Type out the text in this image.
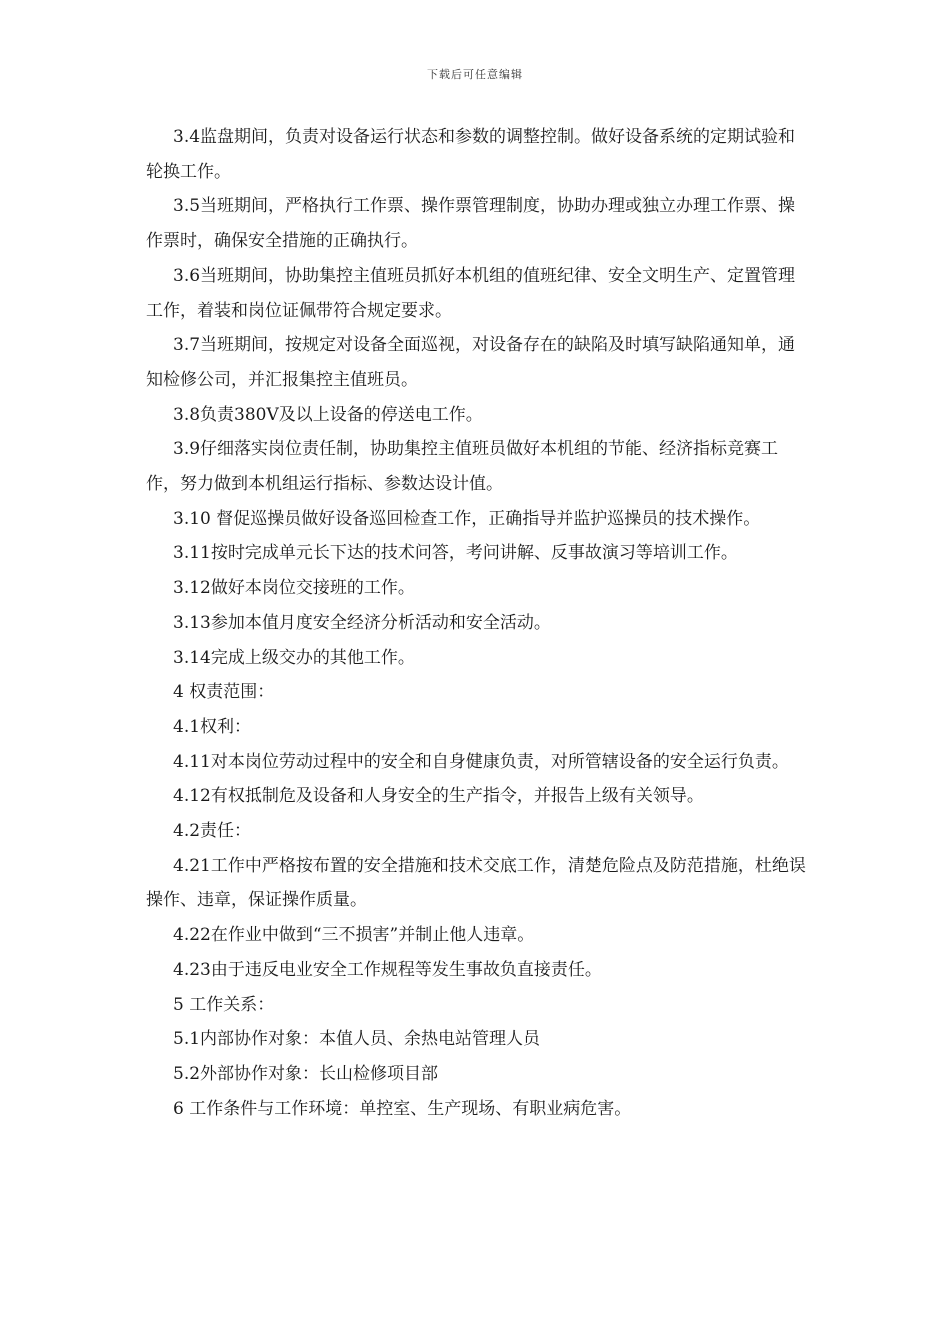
下载后可任意编辑

3.4监盘期间，负责对设备运行状态和参数的调整控制。做好设备系统的定期试验和轮换工作。

3.5当班期间，严格执行工作票、操作票管理制度，协助办理或独立办理工作票、操作票时，确保安全措施的正确执行。

3.6当班期间，协助集控主值班员抓好本机组的值班纪律、安全文明生产、定置管理工作，着装和岗位证佩带符合规定要求。

3.7当班期间，按规定对设备全面巡视，对设备存在的缺陷及时填写缺陷通知单，通知检修公司，并汇报集控主值班员。

3.8负责380V及以上设备的停送电工作。

3.9仔细落实岗位责任制，协助集控主值班员做好本机组的节能、经济指标竞赛工作，努力做到本机组运行指标、参数达设计值。

3.10 督促巡操员做好设备巡回检查工作，正确指导并监护巡操员的技术操作。

3.11按时完成单元长下达的技术问答，考问讲解、反事故演习等培训工作。

3.12做好本岗位交接班的工作。

3.13参加本值月度安全经济分析活动和安全活动。

3.14完成上级交办的其他工作。

4 权责范围：

4.1权利：

4.11对本岗位劳动过程中的安全和自身健康负责，对所管辖设备的安全运行负责。

4.12有权抵制危及设备和人身安全的生产指令，并报告上级有关领导。

4.2责任：

4.21工作中严格按布置的安全措施和技术交底工作，清楚危险点及防范措施，杜绝误操作、违章，保证操作质量。

4.22在作业中做到“三不损害”并制止他人违章。

4.23由于违反电业安全工作规程等发生事故负直接责任。

5 工作关系：

5.1内部协作对象：本值人员、余热电站管理人员

5.2外部协作对象：长山检修项目部

6 工作条件与工作环境：单控室、生产现场、有职业病危害。
